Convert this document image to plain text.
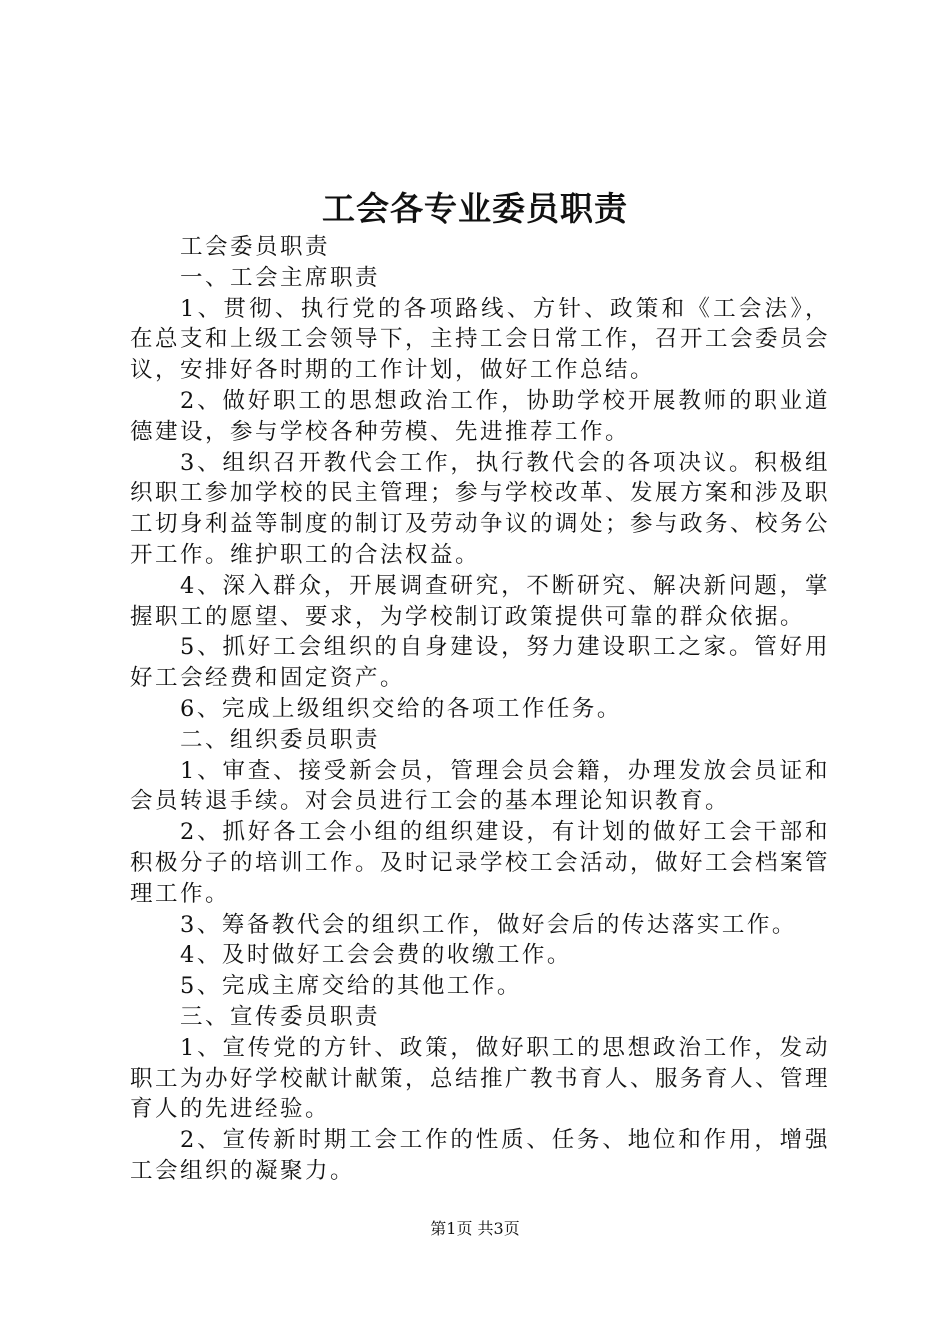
工会各专业委员职责

工会委员职责

一、工会主席职责

1、贯彻、执行党的各项路线、方针、政策和《工会法》，在总支和上级工会领导下，主持工会日常工作，召开工会委员会议，安排好各时期的工作计划，做好工作总结。

2、做好职工的思想政治工作，协助学校开展教师的职业道德建设，参与学校各种劳模、先进推荐工作。

3、组织召开教代会工作，执行教代会的各项决议。积极组织职工参加学校的民主管理；参与学校改革、发展方案和涉及职工切身利益等制度的制订及劳动争议的调处；参与政务、校务公开工作。维护职工的合法权益。

4、深入群众，开展调查研究，不断研究、解决新问题，掌握职工的愿望、要求，为学校制订政策提供可靠的群众依据。

5、抓好工会组织的自身建设，努力建设职工之家。管好用好工会经费和固定资产。

6、完成上级组织交给的各项工作任务。

二、组织委员职责

1、审查、接受新会员，管理会员会籍，办理发放会员证和会员转退手续。对会员进行工会的基本理论知识教育。

2、抓好各工会小组的组织建设，有计划的做好工会干部和积极分子的培训工作。及时记录学校工会活动，做好工会档案管理工作。

3、筹备教代会的组织工作，做好会后的传达落实工作。

4、及时做好工会会费的收缴工作。

5、完成主席交给的其他工作。

三、宣传委员职责

1、宣传党的方针、政策，做好职工的思想政治工作，发动职工为办好学校献计献策，总结推广教书育人、服务育人、管理育人的先进经验。

2、宣传新时期工会工作的性质、任务、地位和作用，增强工会组织的凝聚力。

第1页 共3页
